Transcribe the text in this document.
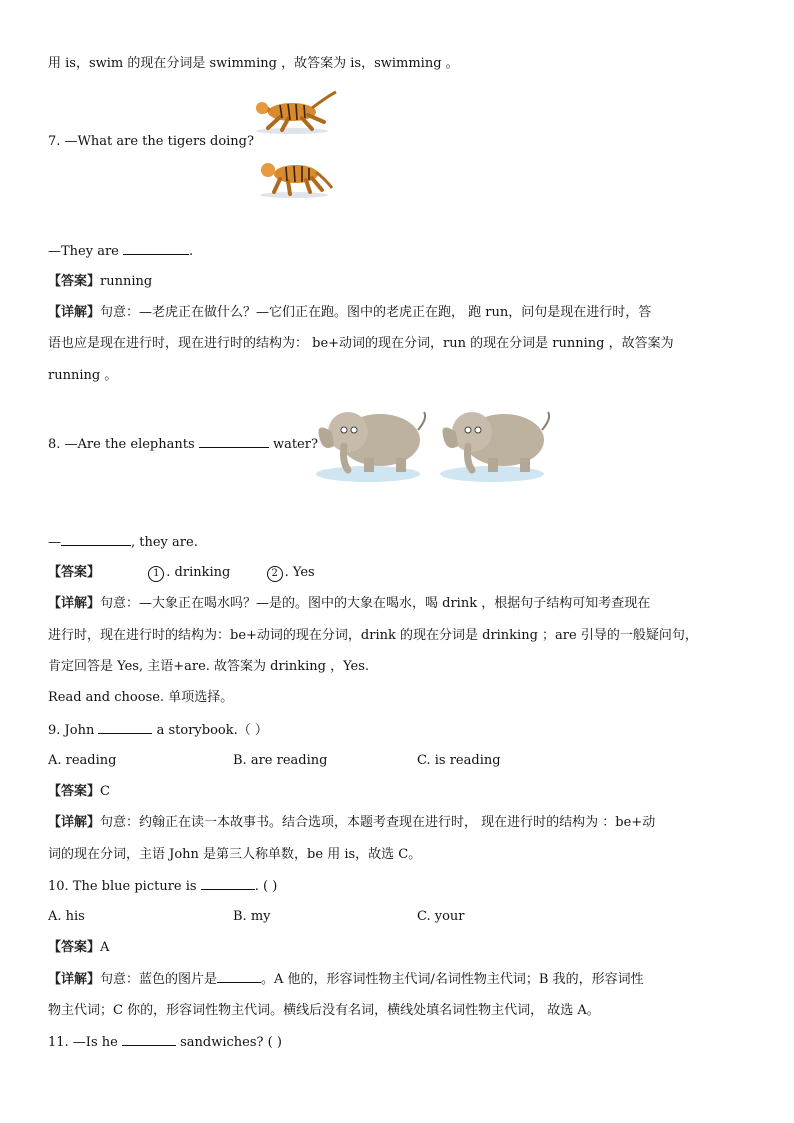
用 is，swim 的现在分词是 swimming ，故答案为 is，swimming 。
7. —What are the tigers doing?
—They are	.
【答案】running
【详解】句意：—老虎正在做什么？—它们正在跑。图中的老虎正在跑， 跑 run，问句是现在进行时，答
语也应是现在进行时，现在进行时的结构为： be+动词的现在分词，run 的现在分词是 running ，故答案为
running 。
8. —Are the elephants	water?
—	, they are.
【答案】	1 . drinking	2 . Yes
【详解】句意：—大象正在喝水吗？—是的。图中的大象在喝水，喝 drink ，根据句子结构可知考查现在
进行时，现在进行时的结构为：be+动词的现在分词，drink 的现在分词是 drinking ；are 引导的一般疑问句，
肯定回答是 Yes, 主语+are. 故答案为 drinking ，Yes.
Read and choose. 单项选择。
9. John	a storybook.（ ）
A. reading	B. are reading	C. is reading
【答案】C
【详解】句意：约翰正在读一本故事书。结合选项，本题考查现在进行时， 现在进行时的结构为 ：be+动
词的现在分词，主语 John 是第三人称单数，be 用 is，故选 C。
10. The blue picture is	. ( )
A. his	B. my	C. your
【答案】A
【详解】句意：蓝色的图片是	。A 他的，形容词性物主代词/名词性物主代词；B 我的，形容词性
物主代词；C 你的，形容词性物主代词。横线后没有名词，横线处填名词性物主代词， 故选 A。
11. —Is he	sandwiches? ( )
